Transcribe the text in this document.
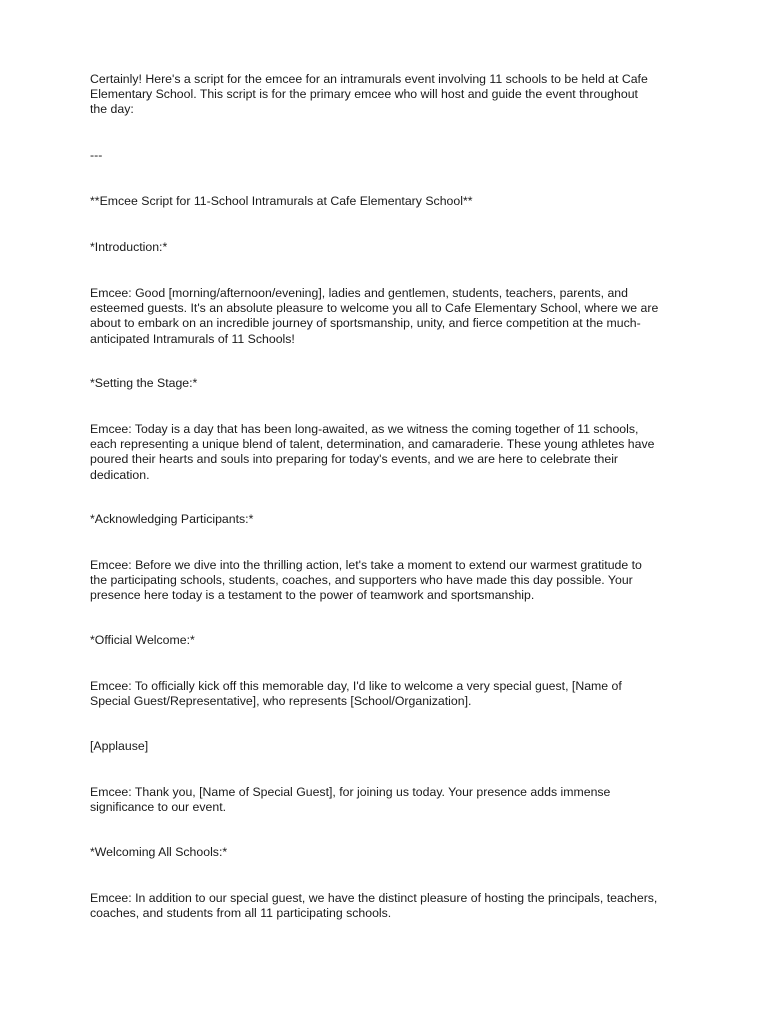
Certainly! Here's a script for the emcee for an intramurals event involving 11 schools to be held at Cafe
Elementary School. This script is for the primary emcee who will host and guide the event throughout
the day:

---

**Emcee Script for 11-School Intramurals at Cafe Elementary School**

*Introduction:*

Emcee: Good [morning/afternoon/evening], ladies and gentlemen, students, teachers, parents, and
esteemed guests. It's an absolute pleasure to welcome you all to Cafe Elementary School, where we are
about to embark on an incredible journey of sportsmanship, unity, and fierce competition at the much-
anticipated Intramurals of 11 Schools!

*Setting the Stage:*

Emcee: Today is a day that has been long-awaited, as we witness the coming together of 11 schools,
each representing a unique blend of talent, determination, and camaraderie. These young athletes have
poured their hearts and souls into preparing for today's events, and we are here to celebrate their
dedication.

*Acknowledging Participants:*

Emcee: Before we dive into the thrilling action, let's take a moment to extend our warmest gratitude to
the participating schools, students, coaches, and supporters who have made this day possible. Your
presence here today is a testament to the power of teamwork and sportsmanship.

*Official Welcome:*

Emcee: To officially kick off this memorable day, I'd like to welcome a very special guest, [Name of
Special Guest/Representative], who represents [School/Organization].

[Applause]

Emcee: Thank you, [Name of Special Guest], for joining us today. Your presence adds immense
significance to our event.

*Welcoming All Schools:*

Emcee: In addition to our special guest, we have the distinct pleasure of hosting the principals, teachers,
coaches, and students from all 11 participating schools.
